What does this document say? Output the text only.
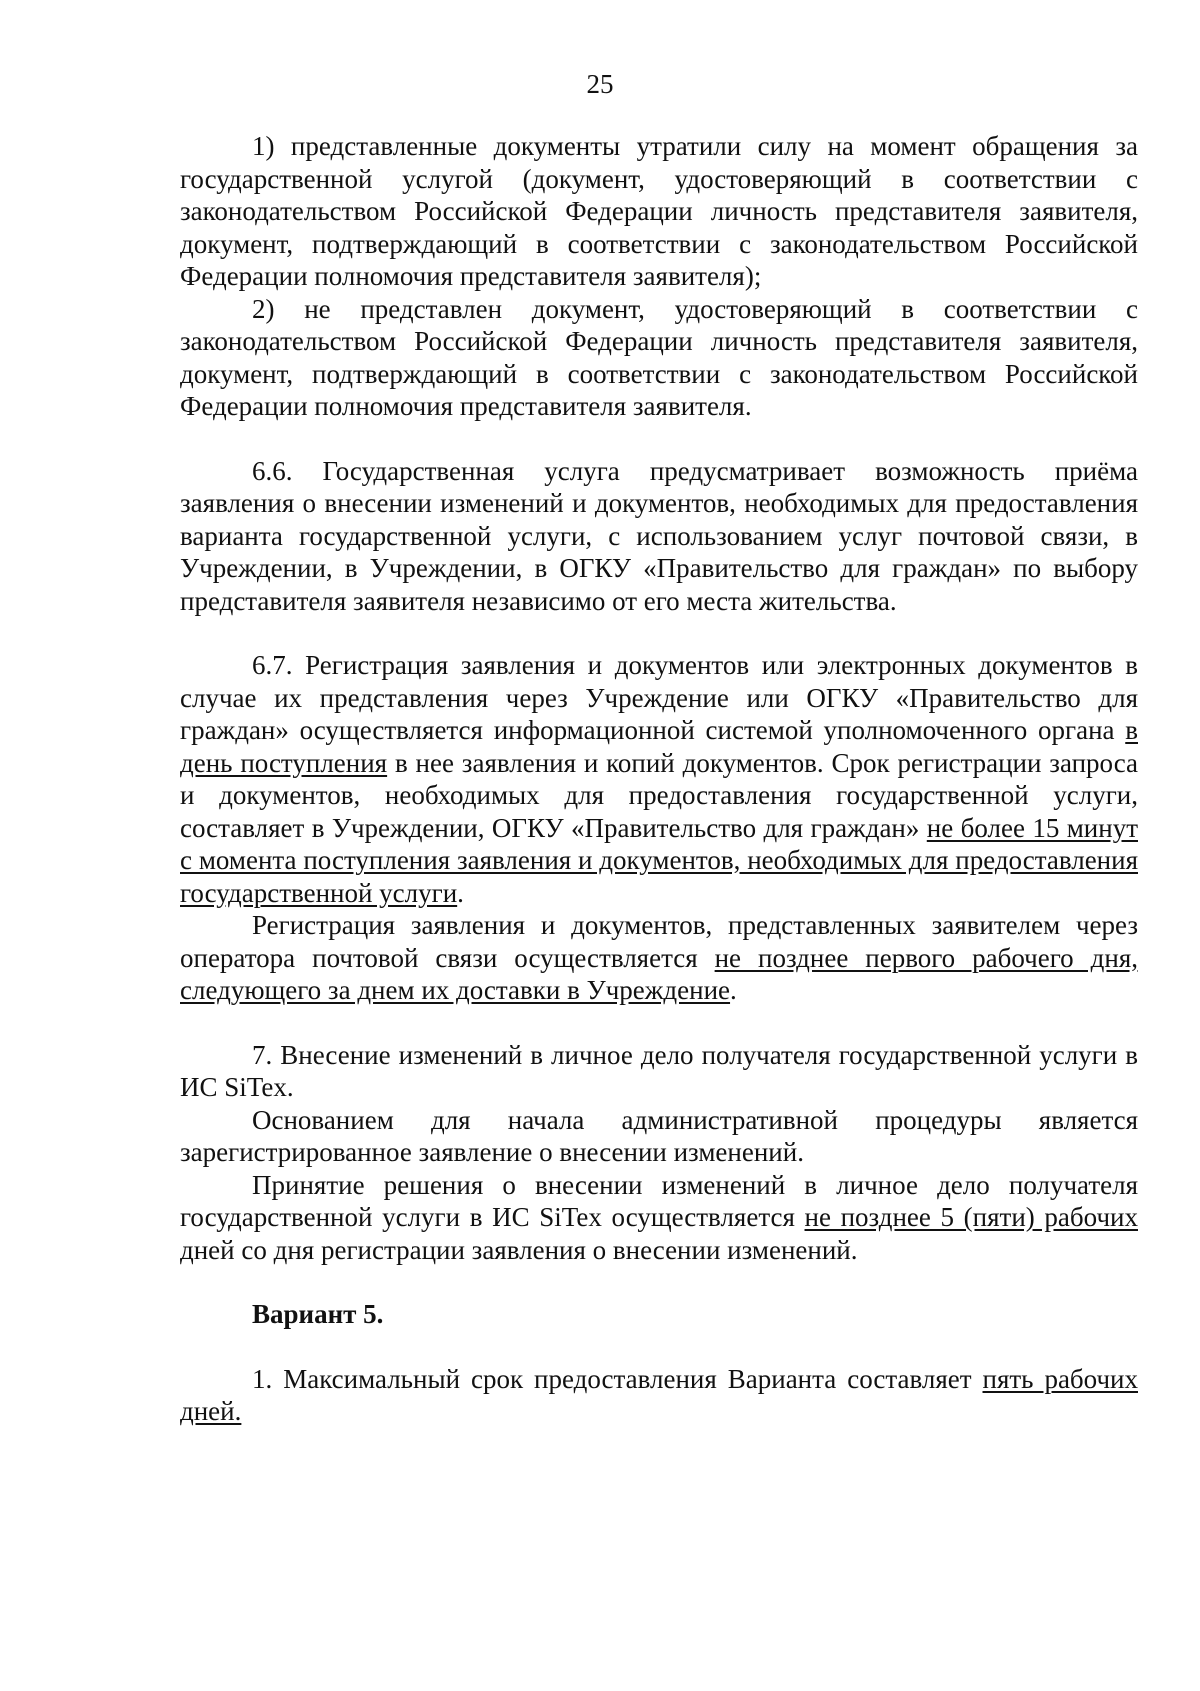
25

1) представленные документы утратили силу на момент обращения за государственной услугой (документ, удостоверяющий в соответствии с законодательством Российской Федерации личность представителя заявителя, документ, подтверждающий в соответствии с законодательством Российской Федерации полномочия представителя заявителя);

2) не представлен документ, удостоверяющий в соответствии с законодательством Российской Федерации личность представителя заявителя, документ, подтверждающий в соответствии с законодательством Российской Федерации полномочия представителя заявителя.

6.6. Государственная услуга предусматривает возможность приёма заявления о внесении изменений и документов, необходимых для предоставления варианта государственной услуги, с использованием услуг почтовой связи, в Учреждении, в Учреждении, в ОГКУ «Правительство для граждан» по выбору представителя заявителя независимо от его места жительства.

6.7. Регистрация заявления и документов или электронных документов в случае их представления через Учреждение или ОГКУ «Правительство для граждан» осуществляется информационной системой уполномоченного органа в день поступления в нее заявления и копий документов. Срок регистрации запроса и документов, необходимых для предоставления государственной услуги, составляет в Учреждении, ОГКУ «Правительство для граждан» не более 15 минут с момента поступления заявления и документов, необходимых для предоставления государственной услуги.

Регистрация заявления и документов, представленных заявителем через оператора почтовой связи осуществляется не позднее первого рабочего дня, следующего за днем их доставки в Учреждение.

7. Внесение изменений в личное дело получателя государственной услуги в ИС SiTex.

Основанием для начала административной процедуры является зарегистрированное заявление о внесении изменений.

Принятие решения о внесении изменений в личное дело получателя государственной услуги в ИС SiTex осуществляется не позднее 5 (пяти) рабочих дней со дня регистрации заявления о внесении изменений.

Вариант 5.

1. Максимальный срок предоставления Варианта составляет пять рабочих дней.
